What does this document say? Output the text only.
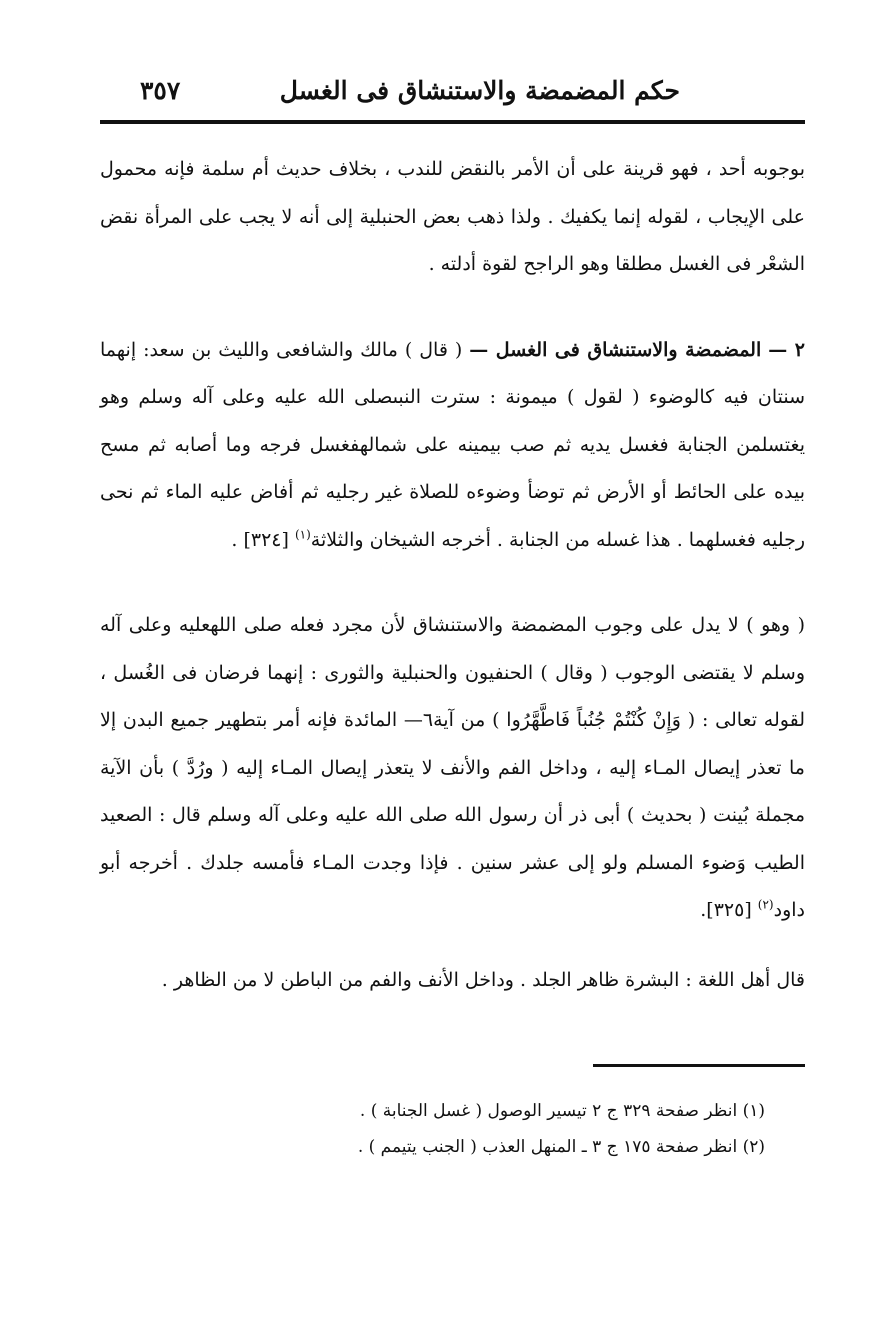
حكم المضمضة والاستنشاق فى الغسل
٣٥٧

بوجوبه أحد ، فهو قرينة على أن الأمر بالنقض للندب ، بخلاف حديث أم سلمة فإنه محمول على الإيجاب ، لقوله إنما يكفيك . ولذا ذهب بعض الحنبلية إلى أنه لا يجب على المرأة نقض الشعْر فى الغسل مطلقا وهو الراجح لقوة أدلته .

٢ — المضمضة والاستنشاق فى الغسل — ( قال ) مالك والشافعى والليث بن سعد: إنهما سنتان فيه كالوضوء ( لقول ) ميمونة : سترت النبىصلى الله عليه وعلى آله وسلم وهو يغتسلمن الجنابة فغسل يديه ثم صب بيمينه على شمالهفغسل فرجه وما أصابه ثم مسح بيده على الحائط أو الأرض ثم توضأ وضوءه للصلاة غير رجليه ثم أفاض عليه الماء ثم نحى رجليه فغسلهما . هذا غسله من الجنابة . أخرجه الشيخان والثلاثة$^{(١)}$ [٣٢٤] .

( وهو ) لا يدل على وجوب المضمضة والاستنشاق لأن مجرد فعله صلى اللهعليه وعلى آله وسلم لا يقتضى الوجوب ( وقال ) الحنفيون والحنبلية والثورى : إنهما فرضان فى الغُسل ، لقوله تعالى : ( وَإِنْ كُنْتُمْ جُنُباً فَاطَّهَّرُوا ) من آية٦— المائدة فإنه أمر بتطهير جميع البدن إلا ما تعذر إيصال المـاء إليه ، وداخل الفم والأنف لا يتعذر إيصال المـاء إليه ( ورُدَّ ) بأن الآية مجملة بُينت ( بحديث ) أبى ذر أن رسول الله صلى الله عليه وعلى آله وسلم قال : الصعيد الطيب وَضوء المسلم ولو إلى عشر سنين . فإذا وجدت المـاء فأمسه جلدك . أخرجه أبو داود$^{(٢)}$ [٣٢٥].

قال أهل اللغة : البشرة ظاهر الجلد . وداخل الأنف والفم من الباطن لا من الظاهر .

(١) انظر صفحة ٣٢٩ ج ٢ تيسير الوصول ( غسل الجنابة ) .
(٢) انظر صفحة ١٧٥ ج ٣ ـ المنهل العذب ( الجنب يتيمم ) .
